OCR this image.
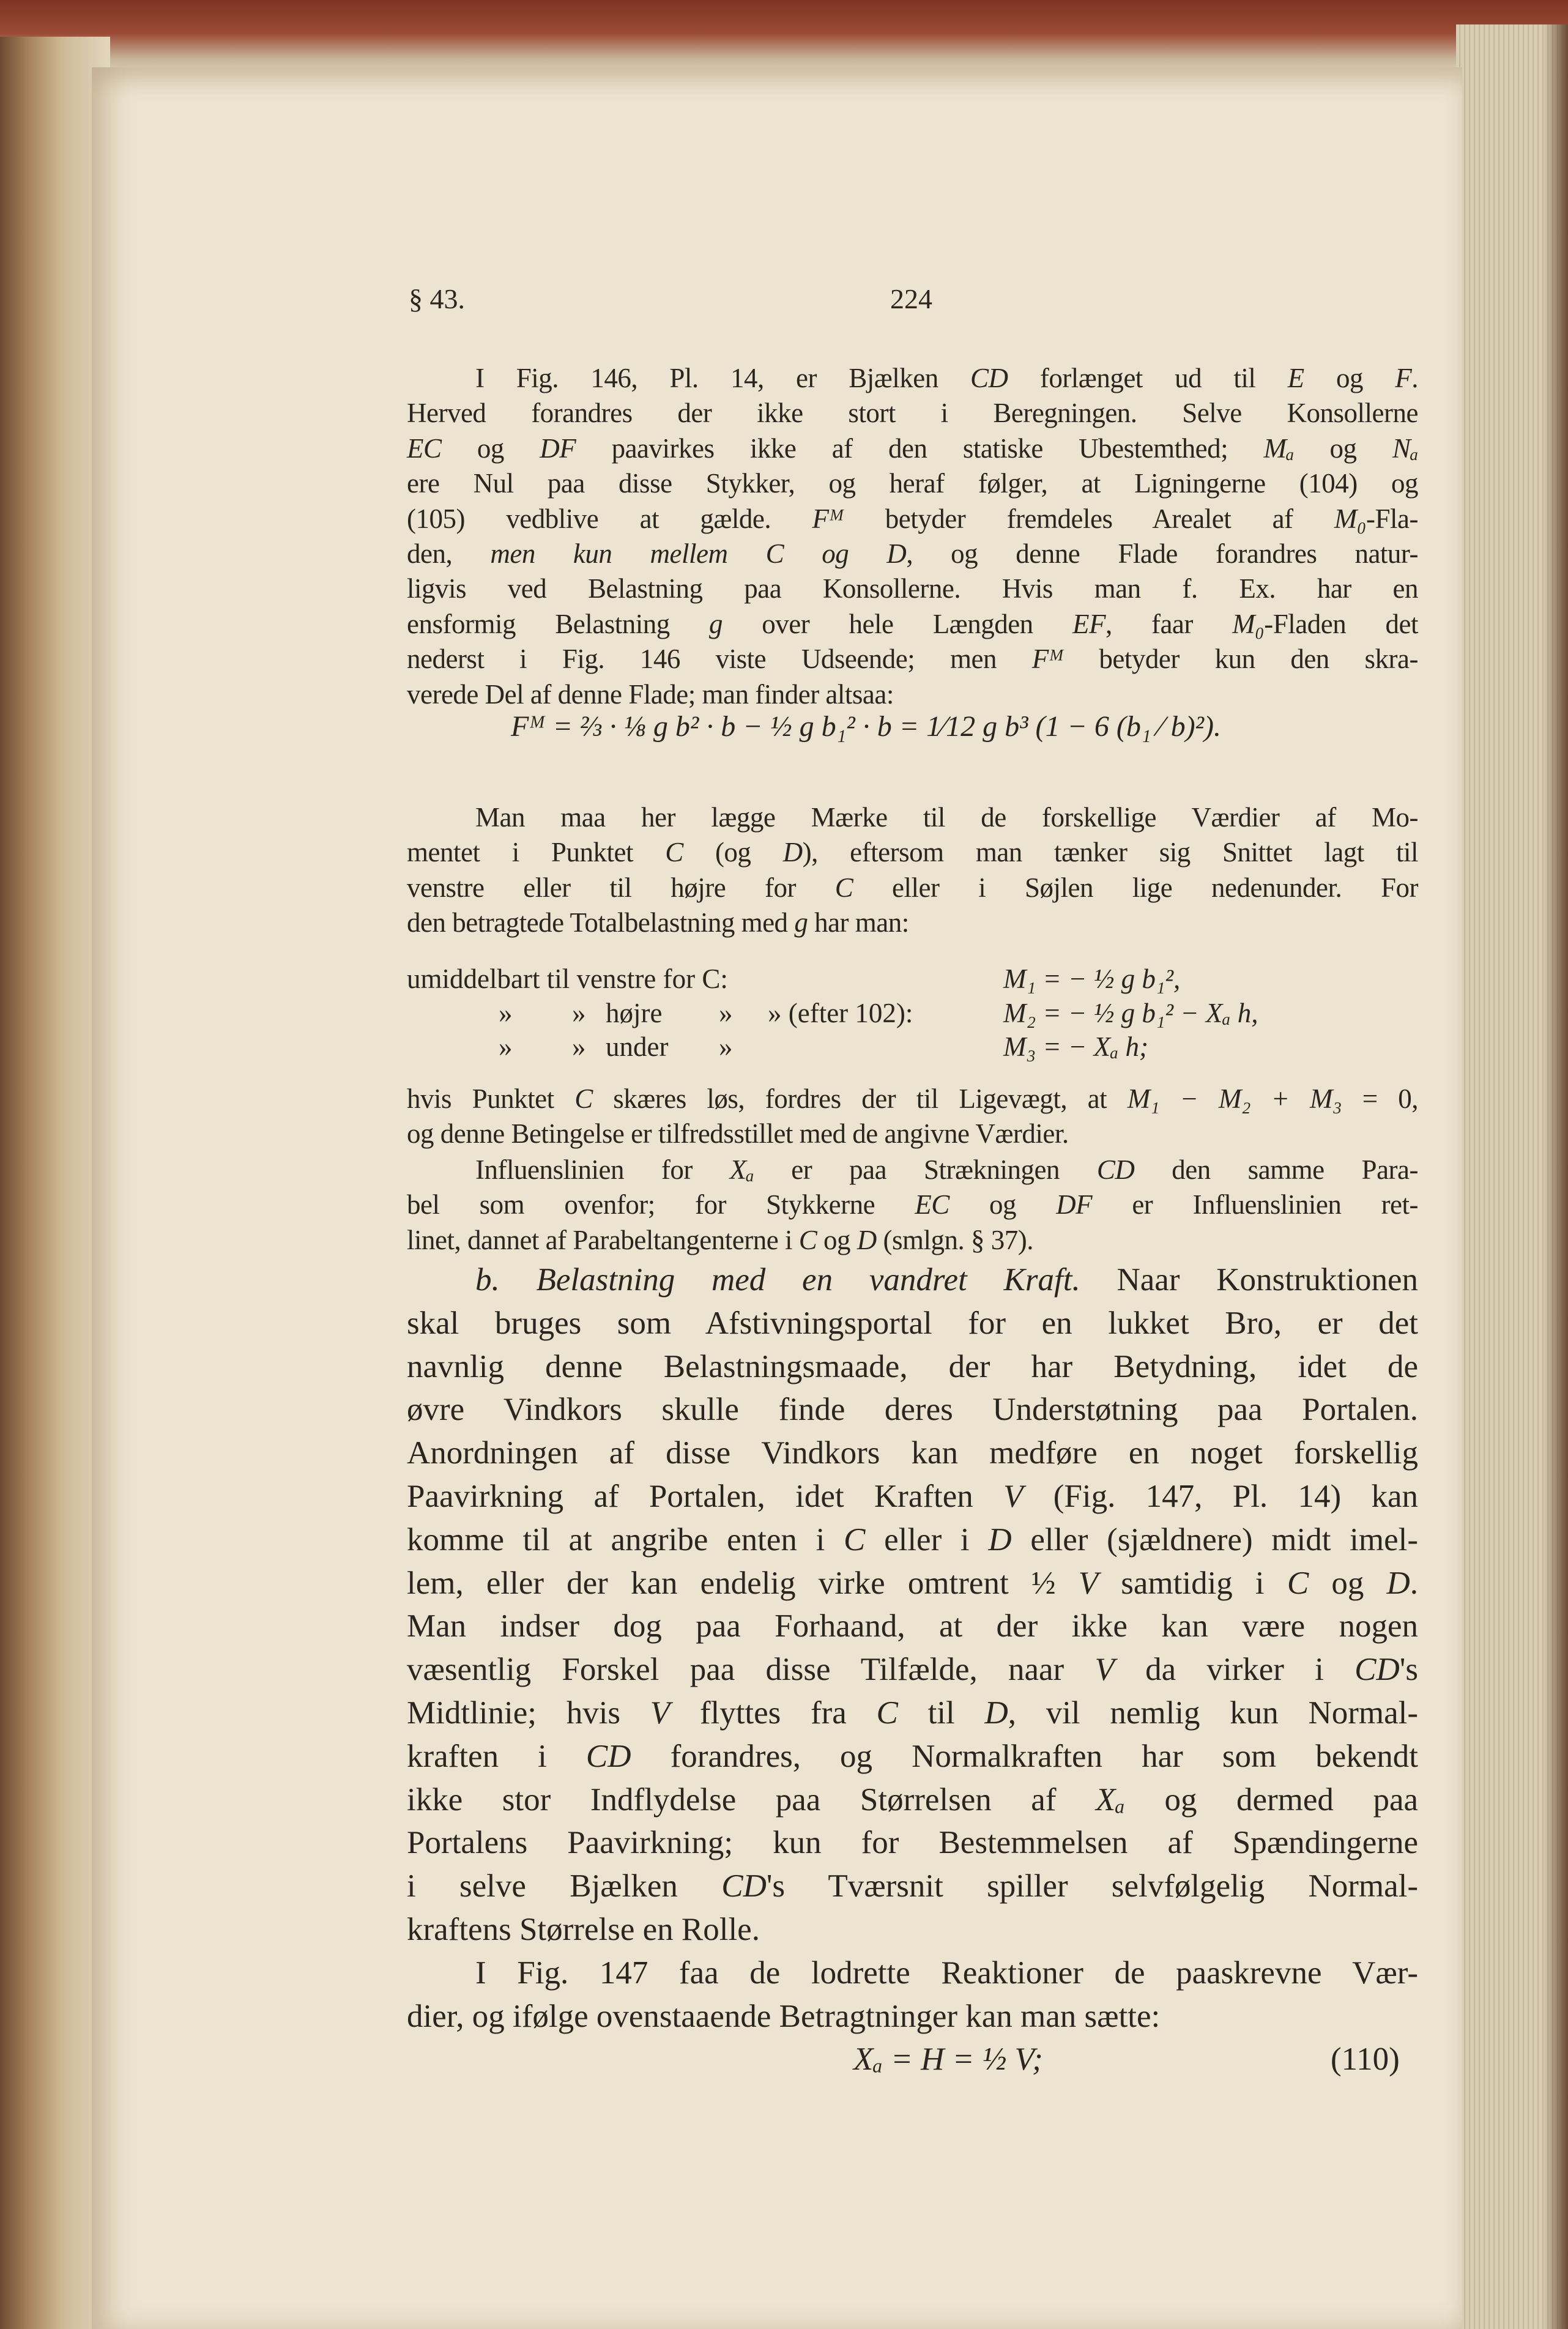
§ 43.	224
I Fig. 146, Pl. 14, er Bjælken CD forlænget ud til E og F.
Herved forandres der ikke stort i Beregningen. Selve Konsollerne
EC og DF paavirkes ikke af den statiske Ubestemthed; Mₐ og Nₐ
ere Nul paa disse Stykker, og heraf følger, at Ligningerne (104) og
(105) vedblive at gælde. Fᴹ betyder fremdeles Arealet af M₀-Fla-
den, men kun mellem C og D, og denne Flade forandres natur-
ligvis ved Belastning paa Konsollerne. Hvis man f. Ex. har en
ensformig Belastning g over hele Længden EF, faar M₀-Fladen det
nederst i Fig. 146 viste Udseende; men Fᴹ betyder kun den skra-
verede Del af denne Flade; man finder altsaa:
Fᴹ = ⅔ · ⅛ g b² · b − ½ g b₁² · b = 1⁄12 g b³ (1 − 6 (b₁ ⁄ b)²).
Man maa her lægge Mærke til de forskellige Værdier af Mo-
mentet i Punktet C (og D), eftersom man tænker sig Snittet lagt til
venstre eller til højre for C eller i Søjlen lige nedenunder. For
den betragtede Totalbelastning med g har man:
umiddelbart til venstre for C:	M₁ = − ½ g b₁²,
» » højre » » (efter 102):	M₂ = − ½ g b₁² − Xₐ h,
» » under »	M₃ = − Xₐ h;
hvis Punktet C skæres løs, fordres der til Ligevægt, at M₁ − M₂ + M₃ = 0,
og denne Betingelse er tilfredsstillet med de angivne Værdier.
Influenslinien for Xₐ er paa Strækningen CD den samme Para-
bel som ovenfor; for Stykkerne EC og DF er Influenslinien ret-
linet, dannet af Parabeltangenterne i C og D (smlgn. § 37).
b. Belastning med en vandret Kraft. Naar Konstruktionen
skal bruges som Afstivningsportal for en lukket Bro, er det
navnlig denne Belastningsmaade, der har Betydning, idet de
øvre Vindkors skulle finde deres Understøtning paa Portalen.
Anordningen af disse Vindkors kan medføre en noget forskellig
Paavirkning af Portalen, idet Kraften V (Fig. 147, Pl. 14) kan
komme til at angribe enten i C eller i D eller (sjældnere) midt imel-
lem, eller der kan endelig virke omtrent ½ V samtidig i C og D.
Man indser dog paa Forhaand, at der ikke kan være nogen
væsentlig Forskel paa disse Tilfælde, naar V da virker i CD's
Midtlinie; hvis V flyttes fra C til D, vil nemlig kun Normal-
kraften i CD forandres, og Normalkraften har som bekendt
ikke stor Indflydelse paa Størrelsen af Xₐ og dermed paa
Portalens Paavirkning; kun for Bestemmelsen af Spændingerne
i selve Bjælken CD's Tværsnit spiller selvfølgelig Normal-
kraftens Størrelse en Rolle.
I Fig. 147 faa de lodrette Reaktioner de paaskrevne Vær-
dier, og ifølge ovenstaaende Betragtninger kan man sætte:
Xₐ = H = ½ V;	(110)
